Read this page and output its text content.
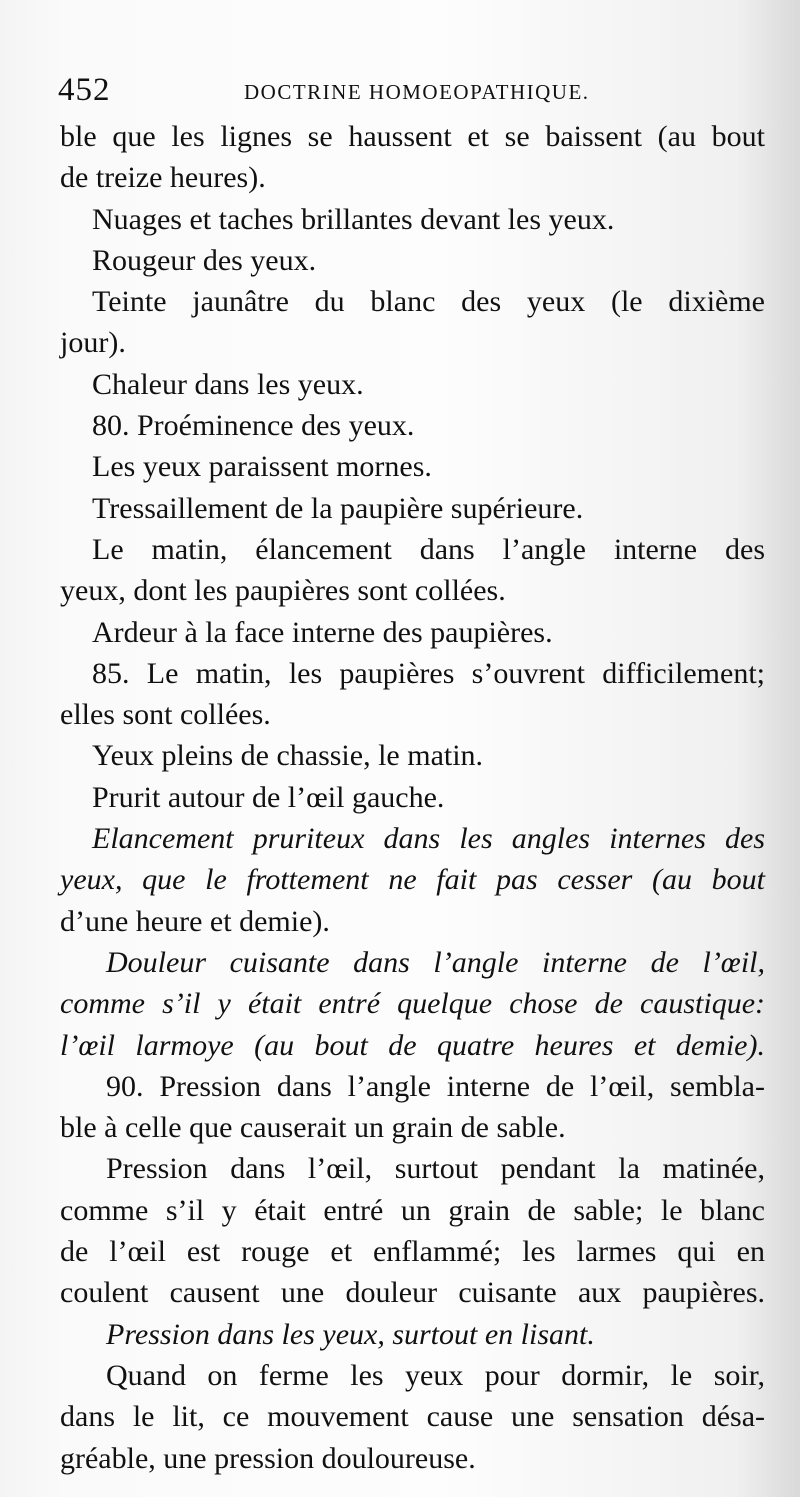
452	DOCTRINE HOMOEOPATHIQUE.
ble que les lignes se haussent et se baissent (au bout
de treize heures).
Nuages et taches brillantes devant les yeux.
Rougeur des yeux.
Teinte jaunâtre du blanc des yeux (le dixième
jour).
Chaleur dans les yeux.
80. Proéminence des yeux.
Les yeux paraissent mornes.
Tressaillement de la paupière supérieure.
Le matin, élancement dans l’angle interne des
yeux, dont les paupières sont collées.
Ardeur à la face interne des paupières.
85. Le matin, les paupières s’ouvrent difficilement;
elles sont collées.
Yeux pleins de chassie, le matin.
Prurit autour de l’œil gauche.
Elancement pruriteux dans les angles internes des
yeux, que le frottement ne fait pas cesser (au bout
d’une heure et demie).
Douleur cuisante dans l’angle interne de l’œil,
comme s’il y était entré quelque chose de caustique:
l’œil larmoye (au bout de quatre heures et demie).
90. Pression dans l’angle interne de l’œil, sembla-
ble à celle que causerait un grain de sable.
Pression dans l’œil, surtout pendant la matinée,
comme s’il y était entré un grain de sable; le blanc
de l’œil est rouge et enflammé; les larmes qui en
coulent causent une douleur cuisante aux paupières.
Pression dans les yeux, surtout en lisant.
Quand on ferme les yeux pour dormir, le soir,
dans le lit, ce mouvement cause une sensation désa-
gréable, une pression douloureuse.
